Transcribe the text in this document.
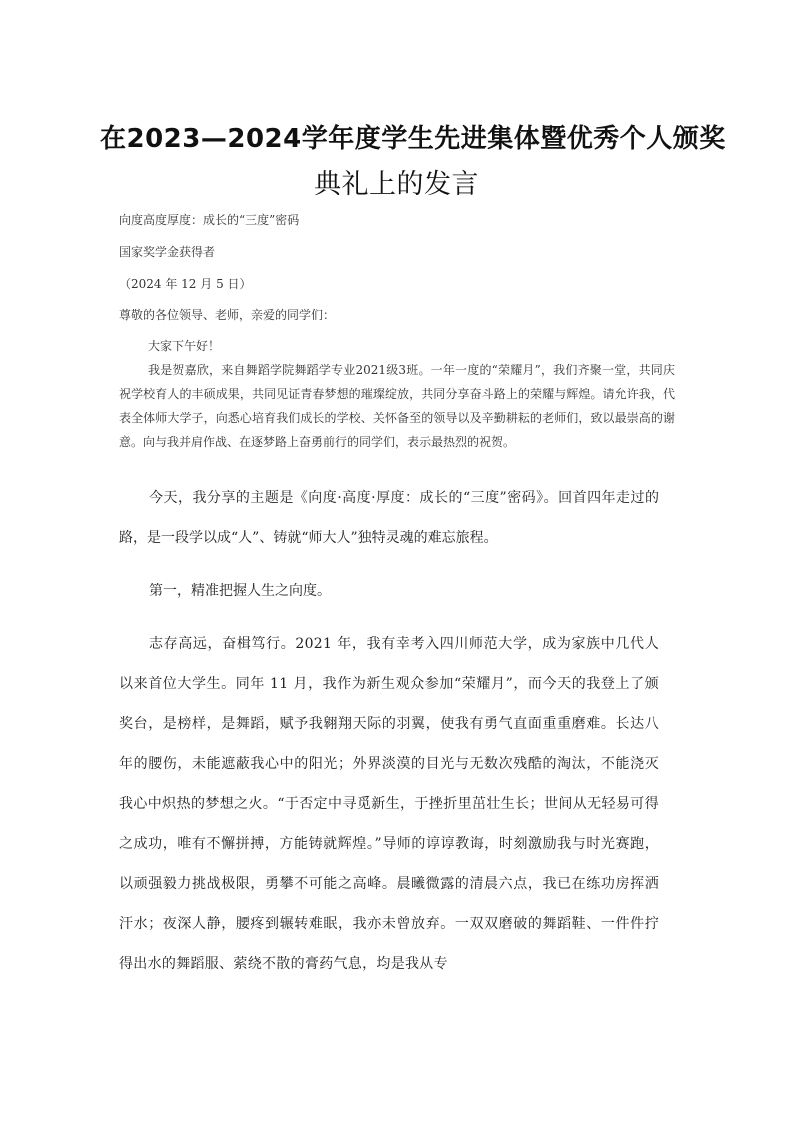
在2023—2024学年度学生先进集体暨优秀个人颁奖
典礼上的发言
向度高度厚度：成长的“三度”密码
国家奖学金获得者
（2024 年 12 月 5 日）
尊敬的各位领导、老师，亲爱的同学们：
大家下午好！

我是贺嘉欣，来自舞蹈学院舞蹈学专业2021级3班。一年一度的“荣耀月”，我们齐聚一堂，共同庆祝学校育人的丰硕成果，共同见证青春梦想的璀璨绽放，共同分享奋斗路上的荣耀与辉煌。请允许我，代表全体师大学子，向悉心培育我们成长的学校、关怀备至的领导以及辛勤耕耘的老师们，致以最崇高的谢意。向与我并肩作战、在逐梦路上奋勇前行的同学们，表示最热烈的祝贺。

今天，我分享的主题是《向度·高度·厚度：成长的“三度”密码》。回首四年走过的路，是一段学以成“人”、铸就“师大人”独特灵魂的难忘旅程。

第一，精准把握人生之向度。

志存高远，奋楫笃行。2021 年，我有幸考入四川师范大学，成为家族中几代人以来首位大学生。同年 11 月，我作为新生观众参加“荣耀月”，而今天的我登上了颁奖台，是榜样，是舞蹈，赋予我翱翔天际的羽翼，使我有勇气直面重重磨难。长达八年的腰伤，未能遮蔽我心中的阳光；外界淡漠的目光与无数次残酷的淘汰，不能浇灭我心中炽热的梦想之火。“于否定中寻觅新生，于挫折里茁壮生长；世间从无轻易可得之成功，唯有不懈拼搏，方能铸就辉煌。”导师的谆谆教诲，时刻激励我与时光赛跑，以顽强毅力挑战极限，勇攀不可能之高峰。晨曦微露的清晨六点，我已在练功房挥洒汗水；夜深人静，腰疼到辗转难眠，我亦未曾放弃。一双双磨破的舞蹈鞋、一件件拧得出水的舞蹈服、萦绕不散的膏药气息，均是我从专
